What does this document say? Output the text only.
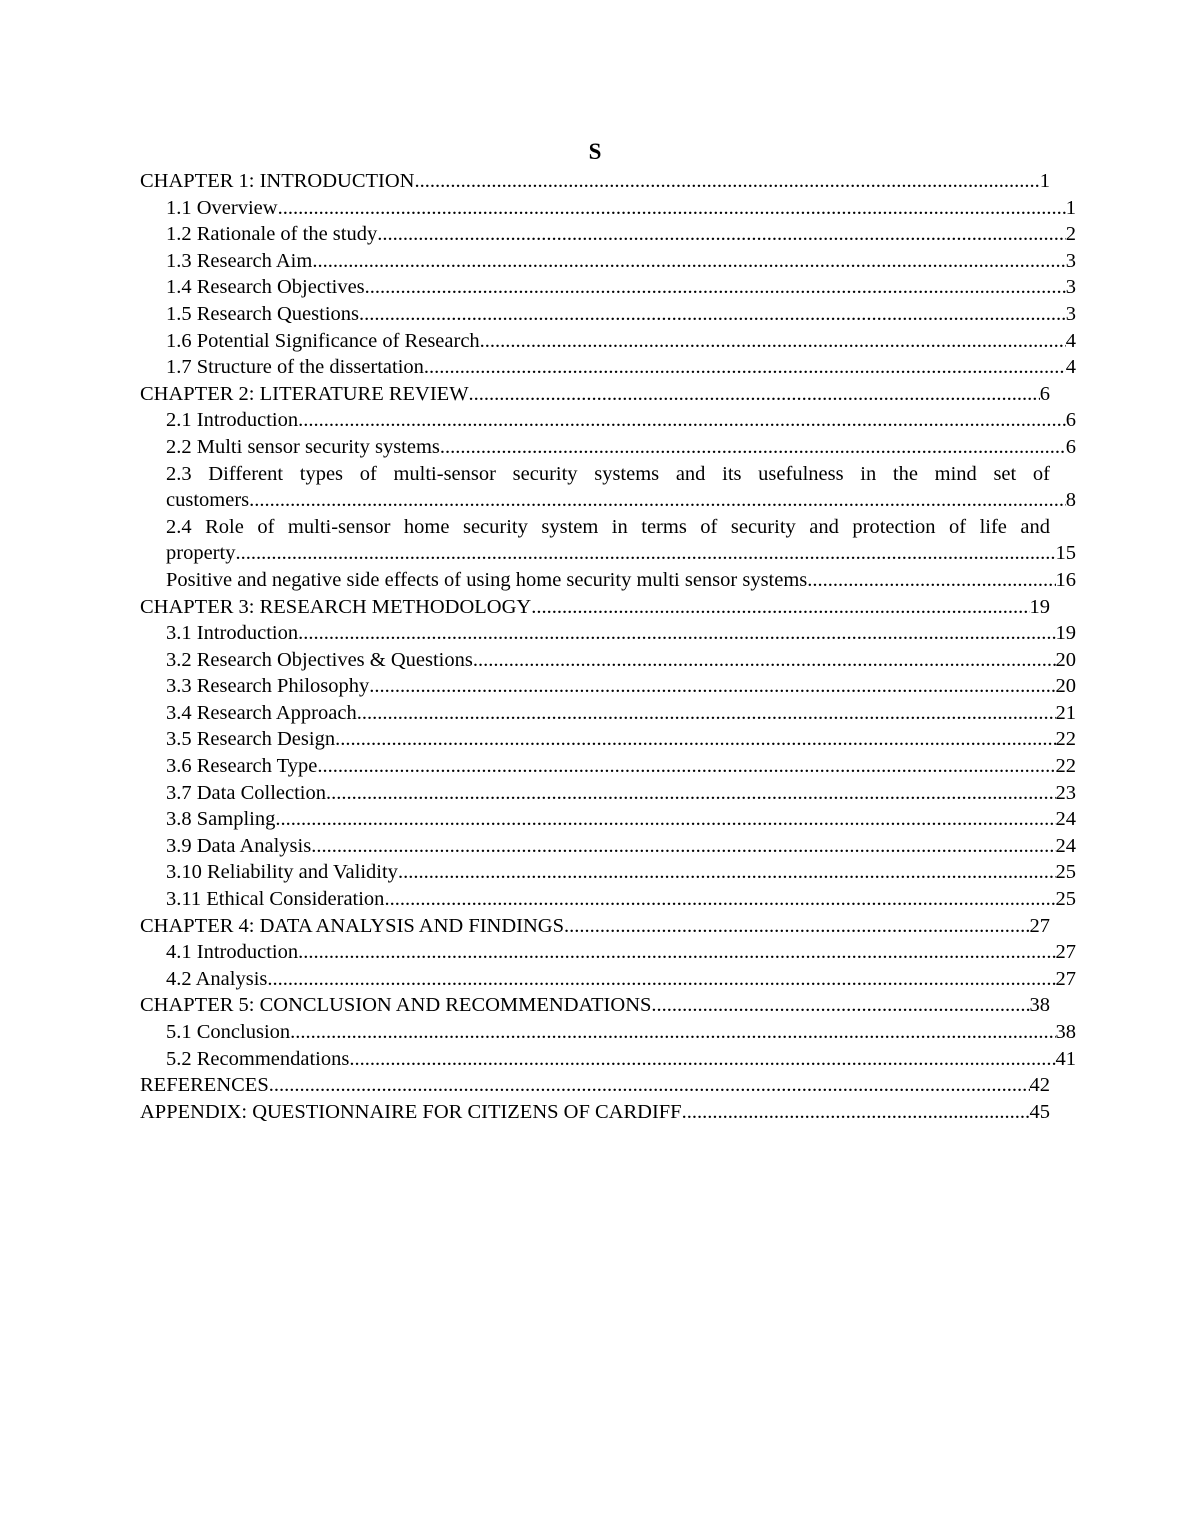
S
CHAPTER 1: INTRODUCTION .....	1
1.1 Overview .....	1
1.2 Rationale of the study .....	2
1.3 Research Aim .....	3
1.4 Research Objectives .....	3
1.5 Research Questions .....	3
1.6 Potential Significance of Research .....	4
1.7 Structure of the dissertation .....	4
CHAPTER 2: LITERATURE REVIEW .....	6
2.1 Introduction .....	6
2.2 Multi sensor security systems .....	6
2.3 Different types of multi-sensor security systems and its usefulness in the mind set of
customers .....	8
2.4 Role of multi-sensor home security system in terms of security and protection of life and
property .....	15
Positive and negative side effects of using home security multi sensor systems .....	16
CHAPTER 3: RESEARCH METHODOLOGY .....	19
3.1 Introduction .....	19
3.2 Research Objectives & Questions .....	20
3.3 Research Philosophy .....	20
3.4 Research Approach .....	21
3.5 Research Design .....	22
3.6 Research Type .....	22
3.7 Data Collection .....	23
3.8 Sampling .....	24
3.9 Data Analysis .....	24
3.10 Reliability and Validity .....	25
3.11 Ethical Consideration .....	25
CHAPTER 4: DATA ANALYSIS AND FINDINGS .....	27
4.1 Introduction .....	27
4.2 Analysis .....	27
CHAPTER 5: CONCLUSION AND RECOMMENDATIONS .....	38
5.1 Conclusion .....	38
5.2 Recommendations .....	41
REFERENCES .....	42
APPENDIX: QUESTIONNAIRE FOR CITIZENS OF CARDIFF .....	45
